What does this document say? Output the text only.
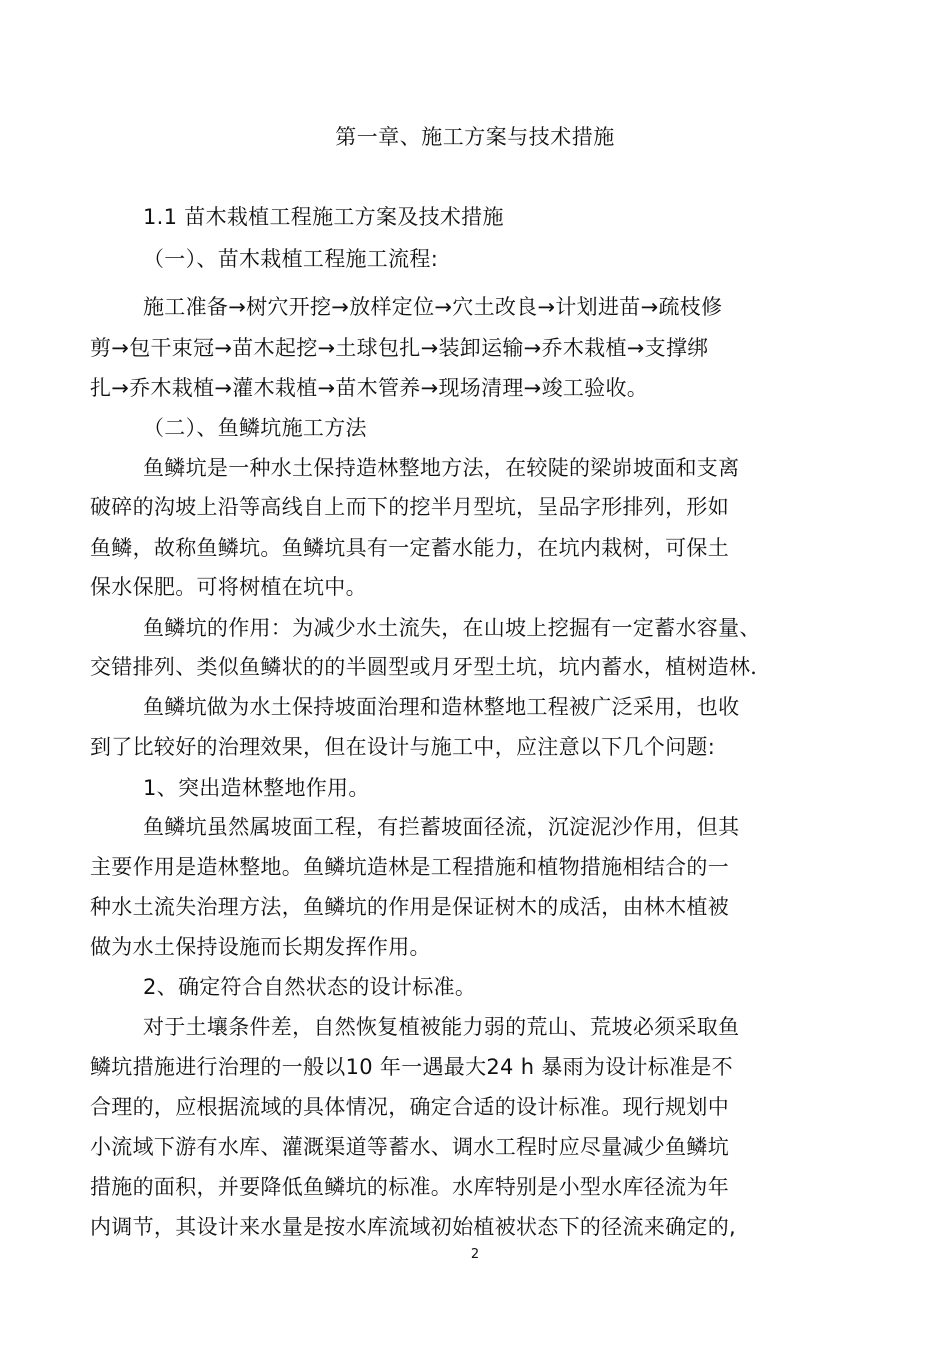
第一章、施工方案与技术措施
1.1 苗木栽植工程施工方案及技术措施
（一）、苗木栽植工程施工流程:
施工准备→树穴开挖→放样定位→穴土改良→计划进苗→疏枝修
剪→包干束冠→苗木起挖→土球包扎→装卸运输→乔木栽植→支撑绑
扎→乔木栽植→灌木栽植→苗木管养→现场清理→竣工验收。
（二）、鱼鳞坑施工方法
鱼鳞坑是一种水土保持造林整地方法，在较陡的梁峁坡面和支离
破碎的沟坡上沿等高线自上而下的挖半月型坑，呈品字形排列，形如
鱼鳞，故称鱼鳞坑。鱼鳞坑具有一定蓄水能力，在坑内栽树，可保土
保水保肥。可将树植在坑中。
鱼鳞坑的作用：为减少水土流失，在山坡上挖掘有一定蓄水容量、
交错排列、类似鱼鳞状的的半圆型或月牙型土坑，坑内蓄水，植树造林．
鱼鳞坑做为水土保持坡面治理和造林整地工程被广泛采用，也收
到了比较好的治理效果，但在设计与施工中，应注意以下几个问题:
1、突出造林整地作用。
鱼鳞坑虽然属坡面工程，有拦蓄坡面径流，沉淀泥沙作用，但其
主要作用是造林整地。鱼鳞坑造林是工程措施和植物措施相结合的一
种水土流失治理方法，鱼鳞坑的作用是保证树木的成活，由林木植被
做为水土保持设施而长期发挥作用。
2、确定符合自然状态的设计标准。
对于土壤条件差，自然恢复植被能力弱的荒山、荒坡必须采取鱼
鳞坑措施进行治理的一般以10 年一遇最大24 h 暴雨为设计标准是不
合理的，应根据流域的具体情况，确定合适的设计标准。现行规划中
小流域下游有水库、灌溉渠道等蓄水、调水工程时应尽量减少鱼鳞坑
措施的面积，并要降低鱼鳞坑的标准。水库特别是小型水库径流为年
内调节，其设计来水量是按水库流域初始植被状态下的径流来确定的,
2
